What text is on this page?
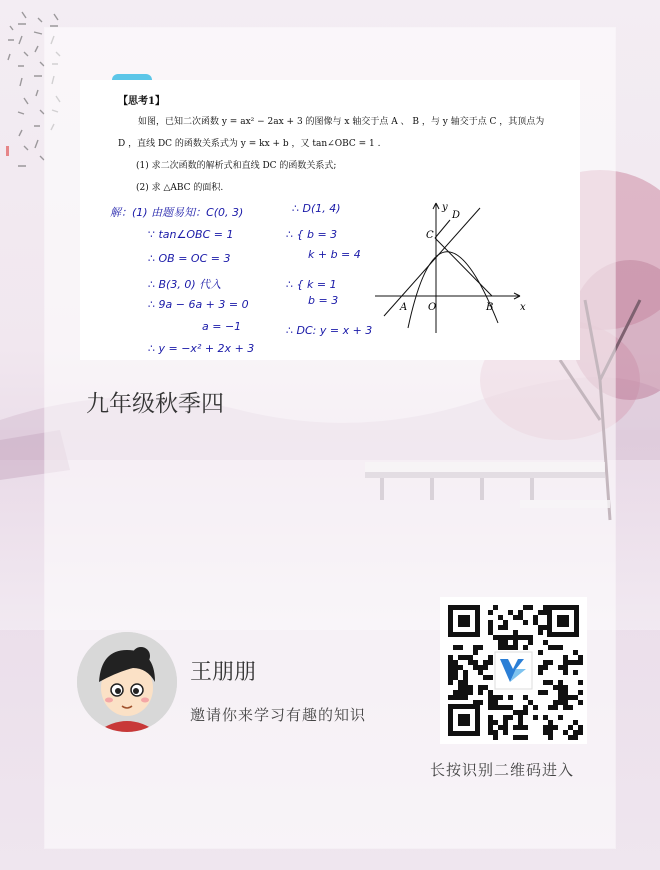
【思考1】
如图，已知二次函数 y = ax² − 2ax + 3 的图像与 x 轴交于点 A 、 B ，与 y 轴交于点 C ，其顶点为
D ，直线 DC 的函数关系式为 y = kx + b ，又 tan∠OBC = 1 .
(1) 求二次函数的解析式和直线 DC 的函数关系式;
(2) 求 △ABC 的面积.
解：(1) 由题易知：C(0, 3)
∵ tan∠OBC = 1
∴ OB = OC = 3
∴ B(3, 0) 代入
∴ 9a − 6a + 3 = 0
a = −1
∴ y = −x² + 2x + 3
∴ D(1, 4)
∴ { b = 3
k + b = 4
∴ { k = 1
b = 3
∴ DC: y = x + 3
y
x
D
C
A O	B
九年级秋季四
王朋朋
邀请你来学习有趣的知识
长按识别二维码进入
